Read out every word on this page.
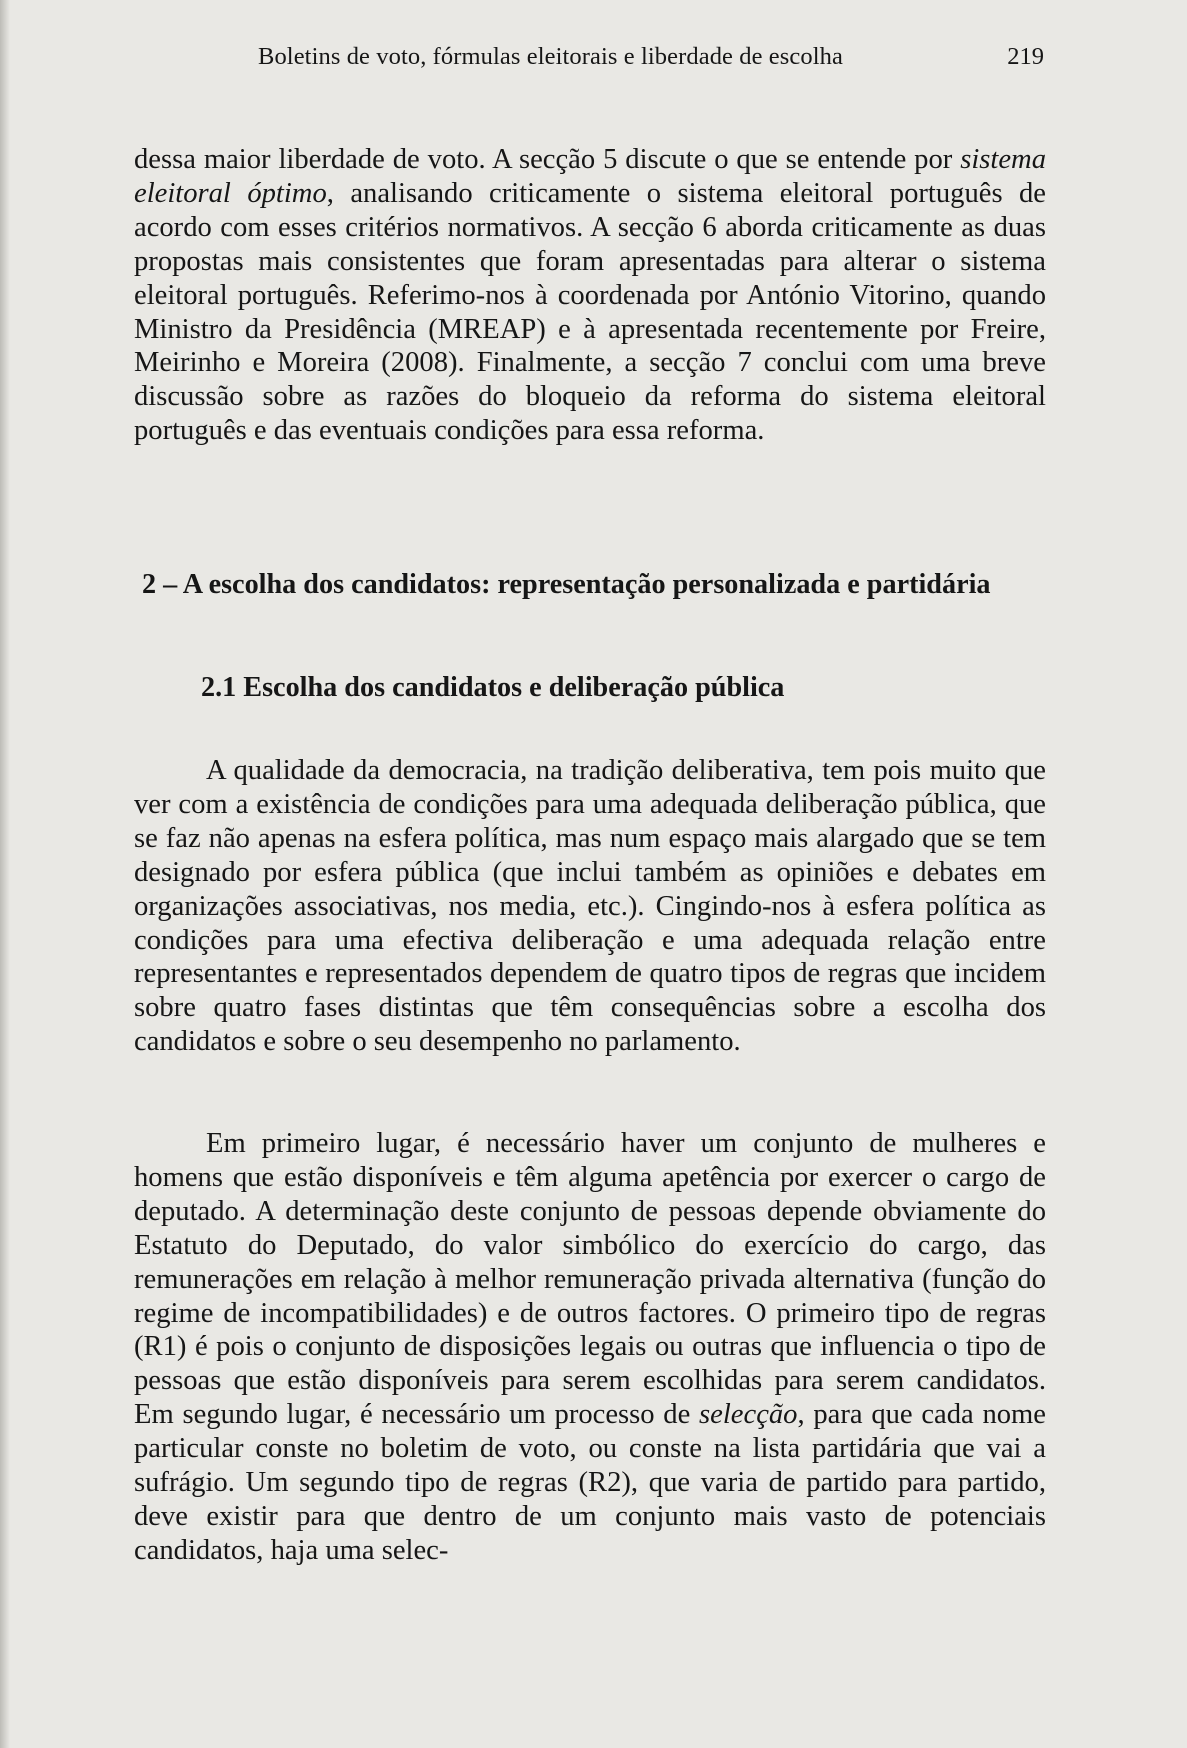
Boletins de voto, fórmulas eleitorais e liberdade de escolha	219

dessa maior liberdade de voto. A secção 5 discute o que se entende por sistema eleitoral óptimo, analisando criticamente o sistema eleitoral português de acordo com esses critérios normativos. A secção 6 aborda criticamente as duas propostas mais consistentes que foram apresentadas para alterar o sistema eleitoral português. Referimo-nos à coordenada por António Vitorino, quando Ministro da Presidência (MREAP) e à apresentada recentemente por Freire, Meirinho e Moreira (2008). Finalmente, a secção 7 conclui com uma breve discussão sobre as razões do bloqueio da reforma do sistema eleitoral português e das eventuais condições para essa reforma.

2 – A escolha dos candidatos: representação personalizada e partidária
2.1 Escolha dos candidatos e deliberação pública

A qualidade da democracia, na tradição deliberativa, tem pois muito que ver com a existência de condições para uma adequada deliberação pública, que se faz não apenas na esfera política, mas num espaço mais alargado que se tem designado por esfera pública (que inclui também as opiniões e debates em organizações associativas, nos media, etc.). Cingindo-nos à esfera política as condições para uma efectiva deliberação e uma adequada relação entre representantes e representados dependem de quatro tipos de regras que incidem sobre quatro fases distintas que têm consequências sobre a escolha dos candidatos e sobre o seu desempenho no parlamento.

Em primeiro lugar, é necessário haver um conjunto de mulheres e homens que estão disponíveis e têm alguma apetência por exercer o cargo de deputado. A determinação deste conjunto de pessoas depende obviamente do Estatuto do Deputado, do valor simbólico do exercício do cargo, das remunerações em relação à melhor remuneração privada alternativa (função do regime de incompatibilidades) e de outros factores. O primeiro tipo de regras (R1) é pois o conjunto de disposições legais ou outras que influencia o tipo de pessoas que estão disponíveis para serem escolhidas para serem candidatos. Em segundo lugar, é necessário um processo de selecção, para que cada nome particular conste no boletim de voto, ou conste na lista partidária que vai a sufrágio. Um segundo tipo de regras (R2), que varia de partido para partido, deve existir para que dentro de um conjunto mais vasto de potenciais candidatos, haja uma selec-
